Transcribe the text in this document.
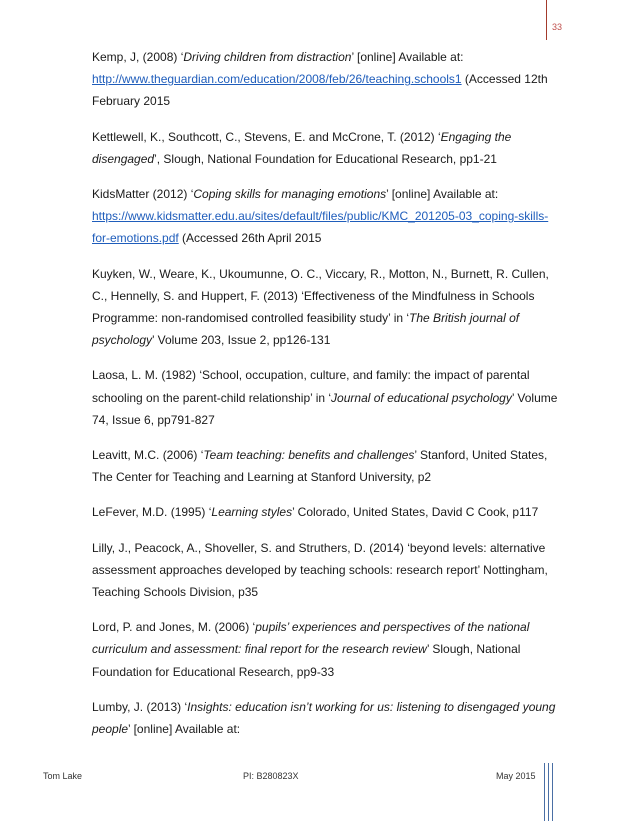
33

Kemp, J, (2008) ‘Driving children from distraction’ [online] Available at: http://www.theguardian.com/education/2008/feb/26/teaching.schools1 (Accessed 12th February 2015

Kettlewell, K., Southcott, C., Stevens, E. and McCrone, T. (2012) ‘Engaging the disengaged’, Slough, National Foundation for Educational Research, pp1-21

KidsMatter (2012) ‘Coping skills for managing emotions’ [online] Available at: https://www.kidsmatter.edu.au/sites/default/files/public/KMC_201205-03_coping-skills-for-emotions.pdf (Accessed 26th April 2015

Kuyken, W., Weare, K., Ukoumunne, O. C., Viccary, R., Motton, N., Burnett, R. Cullen, C., Hennelly, S. and Huppert, F. (2013) ‘Effectiveness of the Mindfulness in Schools Programme: non-randomised controlled feasibility study’ in ‘The British journal of psychology’ Volume 203, Issue 2, pp126-131

Laosa, L. M. (1982) ‘School, occupation, culture, and family: the impact of parental schooling on the parent-child relationship’ in ‘Journal of educational psychology’ Volume 74, Issue 6, pp791-827

Leavitt, M.C. (2006) ‘Team teaching: benefits and challenges’ Stanford, United States, The Center for Teaching and Learning at Stanford University, p2

LeFever, M.D. (1995) ‘Learning styles’ Colorado, United States, David C Cook, p117

Lilly, J., Peacock, A., Shoveller, S. and Struthers, D. (2014) ‘beyond levels: alternative assessment approaches developed by teaching schools: research report’ Nottingham, Teaching Schools Division, p35

Lord, P. and Jones, M. (2006) ‘pupils’ experiences and perspectives of the national curriculum and assessment: final report for the research review’ Slough, National Foundation for Educational Research, pp9-33

Lumby, J. (2013) ‘Insights: education isn’t working for us: listening to disengaged young people’ [online] Available at:

Tom Lake	PI: B280823X	May 2015
